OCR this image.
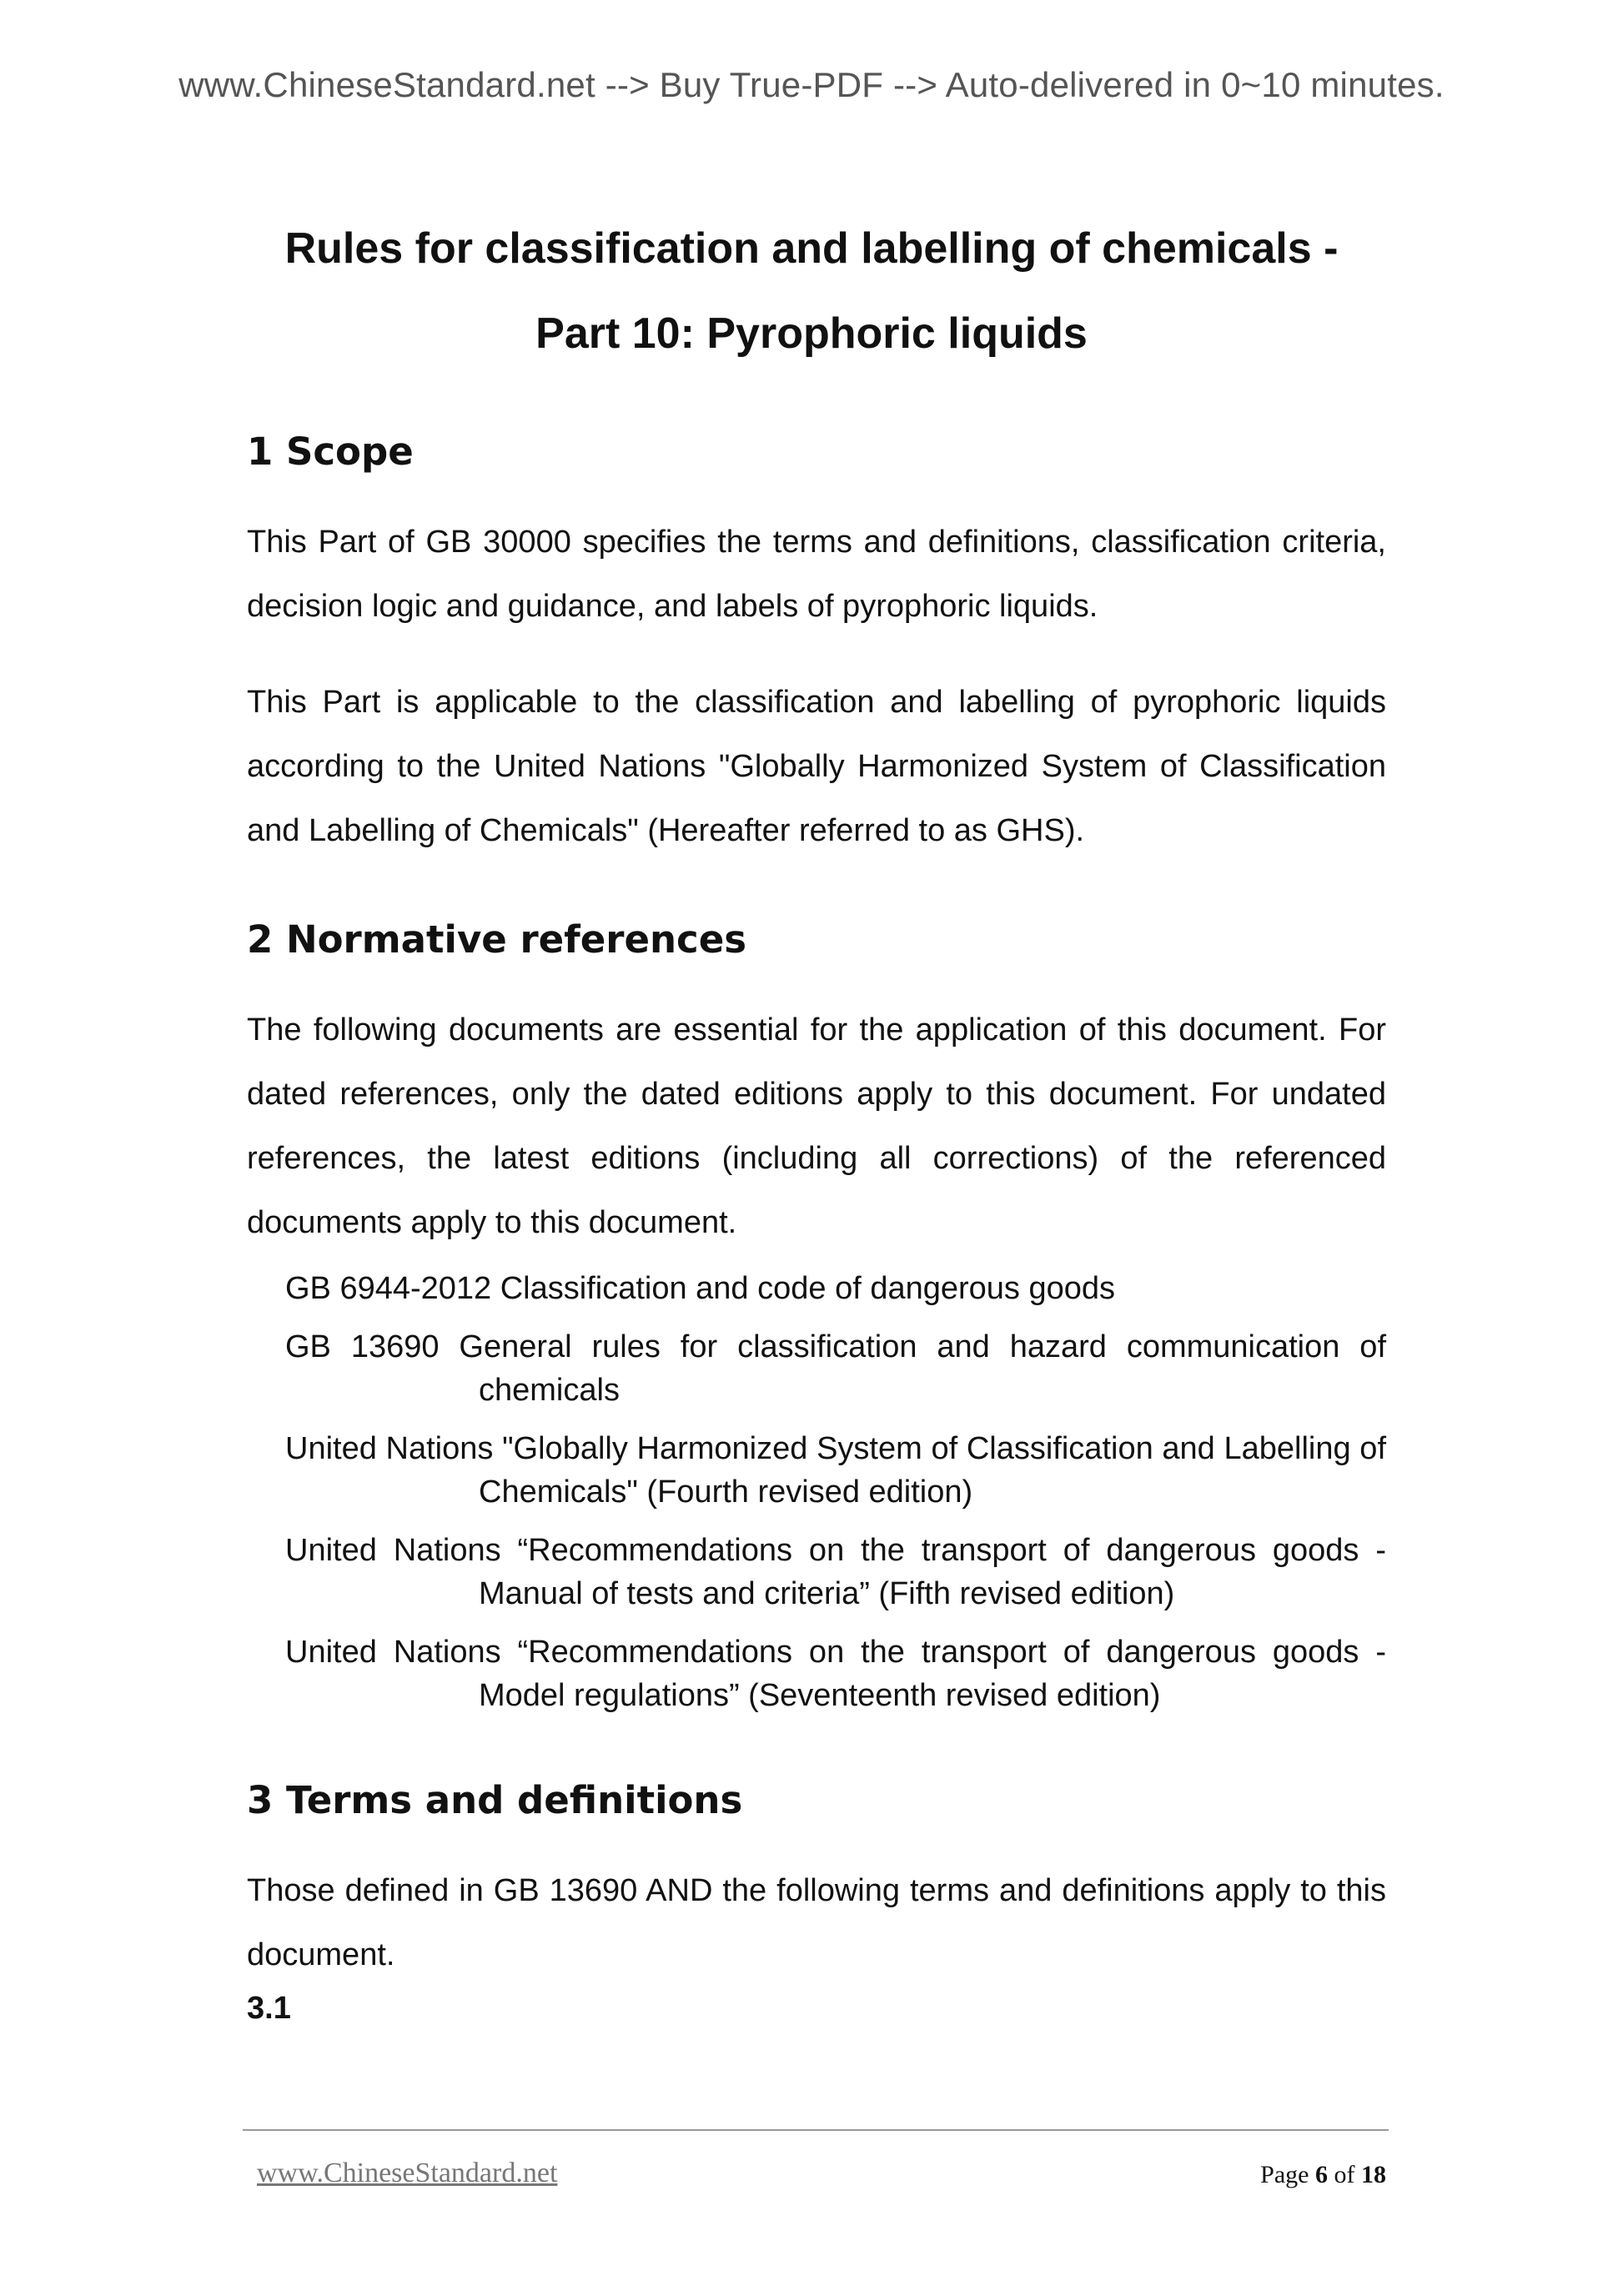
www.ChineseStandard.net --> Buy True-PDF --> Auto-delivered in 0~10 minutes.
Rules for classification and labelling of chemicals -
Part 10: Pyrophoric liquids
1 Scope

This Part of GB 30000 specifies the terms and definitions, classification criteria, decision logic and guidance, and labels of pyrophoric liquids.

This Part is applicable to the classification and labelling of pyrophoric liquids according to the United Nations "Globally Harmonized System of Classification and Labelling of Chemicals" (Hereafter referred to as GHS).

2 Normative references

The following documents are essential for the application of this document. For dated references, only the dated editions apply to this document. For undated references, the latest editions (including all corrections) of the referenced documents apply to this document.

GB 6944-2012 Classification and code of dangerous goods
GB 13690 General rules for classification and hazard communication of chemicals
United Nations "Globally Harmonized System of Classification and Labelling of Chemicals" (Fourth revised edition)
United Nations “Recommendations on the transport of dangerous goods - Manual of tests and criteria” (Fifth revised edition)
United Nations “Recommendations on the transport of dangerous goods - Model regulations” (Seventeenth revised edition)
3 Terms and definitions

Those defined in GB 13690 AND the following terms and definitions apply to this document.

3.1

www.ChineseStandard.net	Page 6 of 18
